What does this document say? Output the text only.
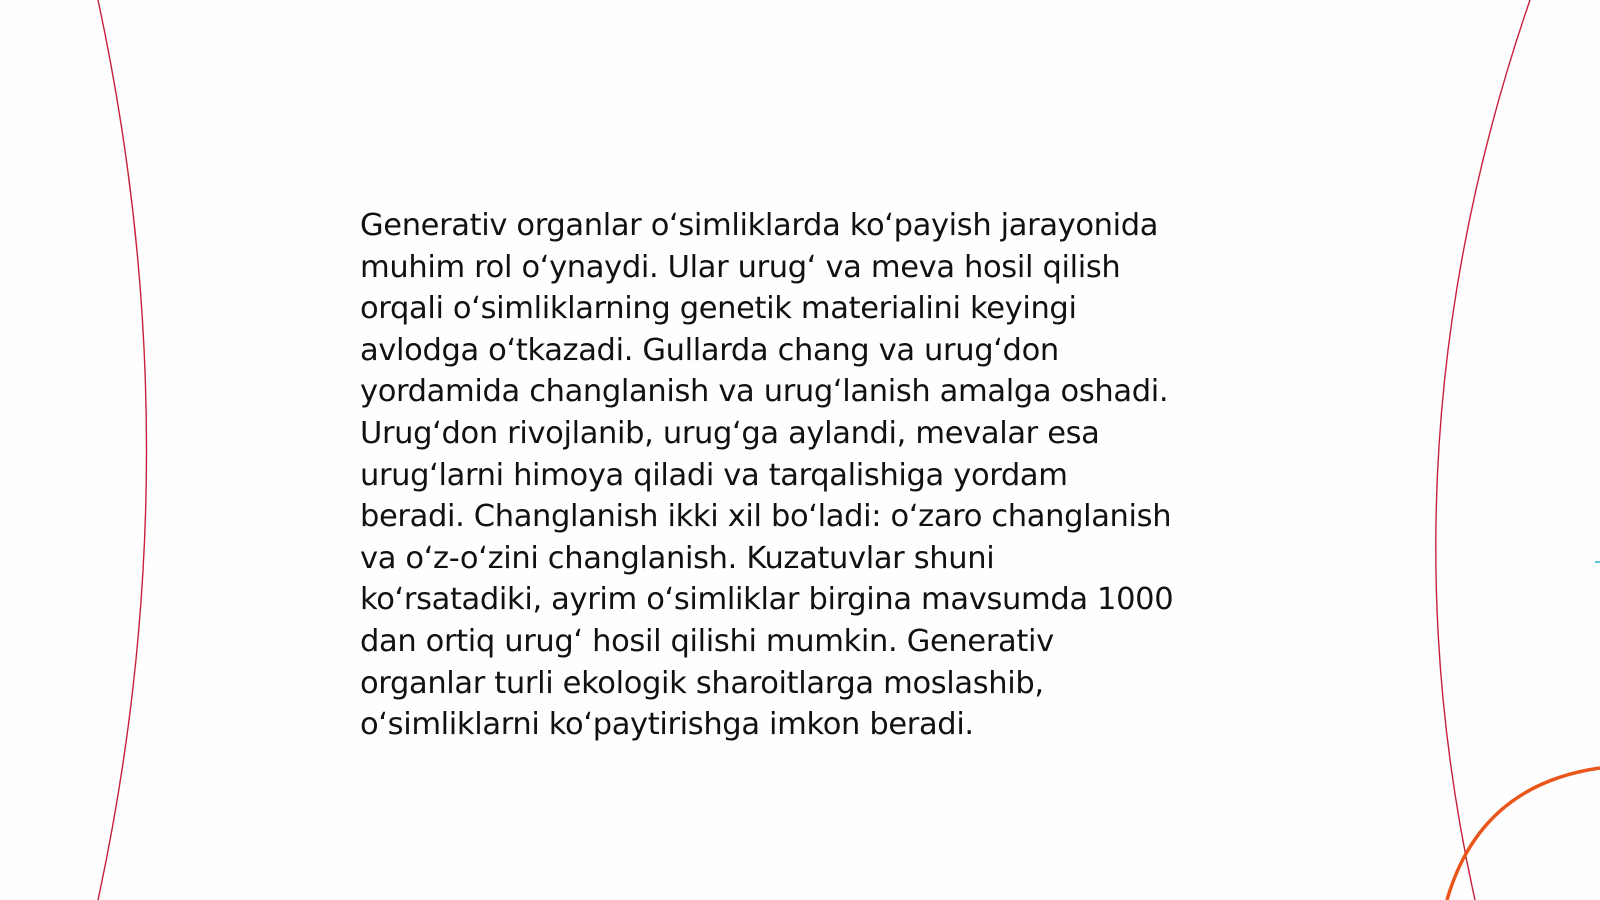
Generativ organlar o‘simliklarda ko‘payish jarayonida
muhim rol o‘ynaydi. Ular urug‘ va meva hosil qilish
orqali o‘simliklarning genetik materialini keyingi
avlodga o‘tkazadi. Gullarda chang va urug‘don
yordamida changlanish va urug‘lanish amalga oshadi.
Urug‘don rivojlanib, urug‘ga aylandi, mevalar esa
urug‘larni himoya qiladi va tarqalishiga yordam
beradi. Changlanish ikki xil bo‘ladi: o‘zaro changlanish
va o‘z-o‘zini changlanish. Kuzatuvlar shuni
ko‘rsatadiki, ayrim o‘simliklar birgina mavsumda 1000
dan ortiq urug‘ hosil qilishi mumkin. Generativ
organlar turli ekologik sharoitlarga moslashib,
o‘simliklarni ko‘paytirishga imkon beradi.
